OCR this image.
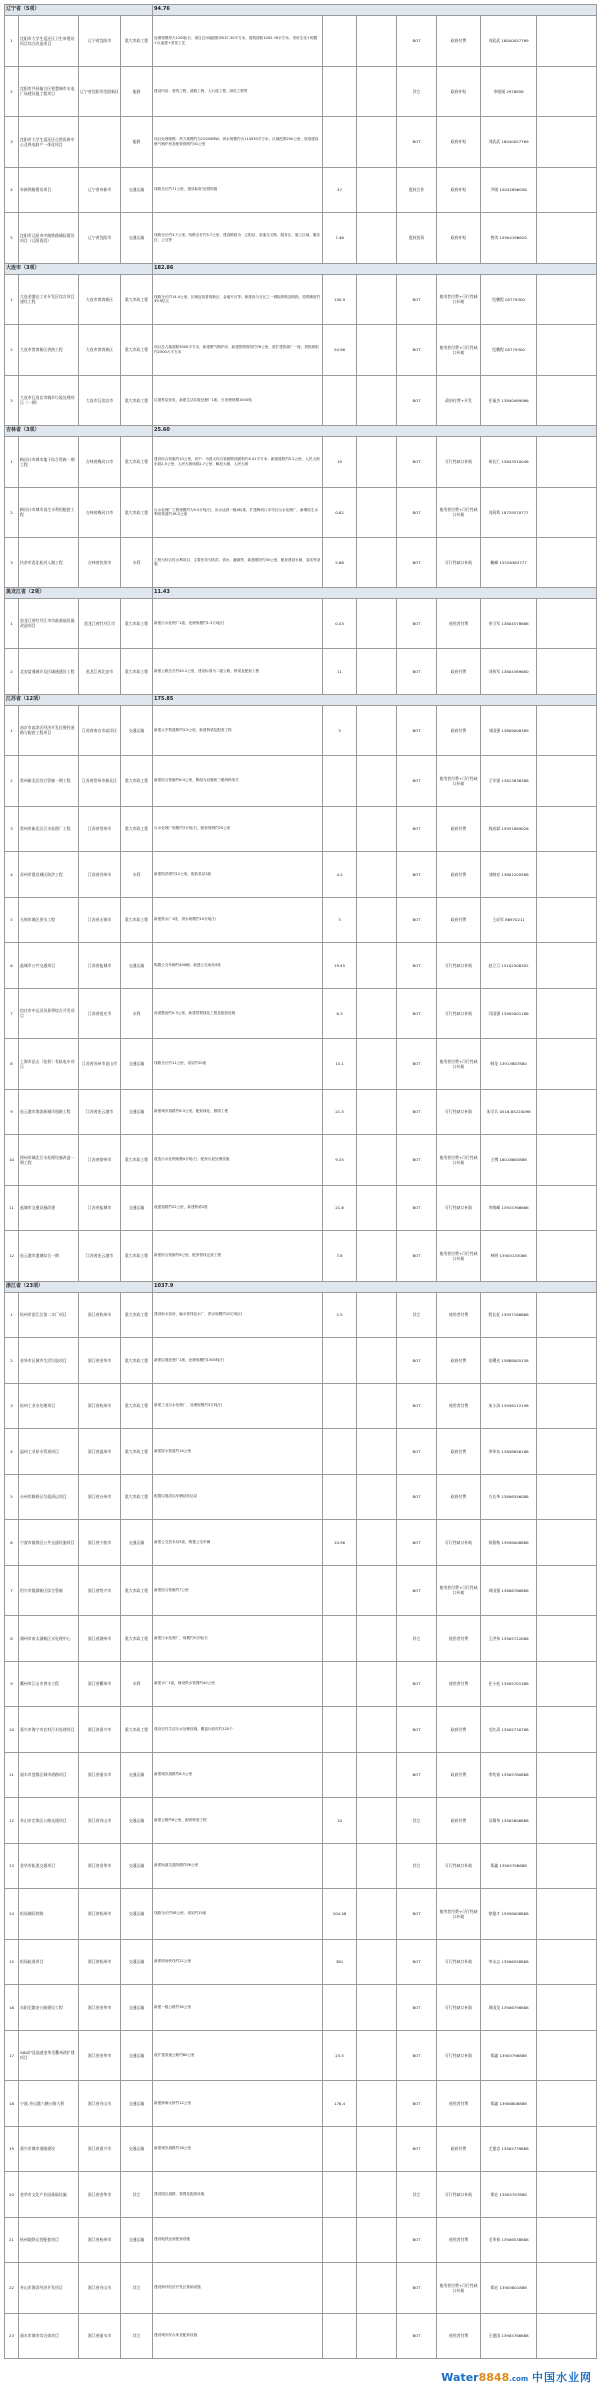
辽宁省（5项）				94.76						
1	沈阳市大学生返还区卫生审建设项目综合改造项目	辽宁省沈阳市	重大市政工程	处理规模每天120吨/日；项目总用地面积5037.30平方米，建筑面积1092.76平方米；采用生化+的膜+反渗透+蒸发工艺			BOT	政府付费	刘武武 18040057769	
2	沈阳市共同输合区智慧城市水电广场建设施工程项目	辽宁省沈阳市沈阳新区	能源	建设内容：管线工程、道路工程、人行道工程、绿化工程等			其它	政府补贴	李媛媛 2978858	
3	沈阳市大学生返还区自然资源中心及热电联产一体化项目		能源	项目处理规模：热力规模约为12000MW；供水规模约为114530平方米；区域范围200公里；规划建设燃气锅炉房及配套管网约41公里			BOT	政府补贴	刘武武 18040057769	
4	阜新铁路建设项目	辽宁省阜新市	交通运输	线路全长约71公里，建设标准为国铁Ⅰ级	47		股权合作	政府补贴	尹刚 15042896056	
5	沈阳市辽阳市中路铁路城际建设项目（辽阳西段）	辽宁省沈阳市	交通运输	线路全长约3.7公里，线路全长约5.7公里；建设路段为：辽阳站、高速交叉路、服务区、施工区域、服务区、公交等	7.46		股权投资	政府补贴	曾涛 15904196820	
大连市（3项）				182.86						
1	大连金港仓工业开发区综合项目建设工程	大连市普湾新区	重大市政工程	线路全长约14.4公里，区域包括普湾新区、金港片区等。新建设与分区之一城际铁路及路段；投资额度约39.9亿元	150.9		BOT	使用者付费+可行性缺口补助	纪鹏程 05779300	
2	大连市普湾新区供热工程	大连市普湾新区	重大市政工程	项目总占地面积5000平方米，新建燃气锅炉房，新建热网管线约76公里，改扩建热源厂一座，供热面积约2500万平方米	20.96		BOT	使用者付费+可行性缺口补助	纪鹏程 05779300	
3	大连市瓦房店市城乡垃圾处理项目（一期）	大连市瓦房店市	重大市政工程	垃圾焚烧发电，新建生活垃圾处理厂1座，日处理规模1500吨			BOT	政府付费+开发	任福杰 13840469066	
吉林省（3项）				25.60						
1	梅河口市城市地下综合管廊一期工程	吉林省梅河口市	重大市政工程	建设综合管廊约10公里，其中：为建大综合管廊断面面积约4.41平方米；新建道路约5.2公里；人民大街东段2.5公里；人民大街西段2.7公里；解放大街，人民大街	19		BOT	可行性缺口补助	胡长仁 15843510046	
2	梅河口市城市再生水利用配套工程	吉林省梅河口市	重大市政工程	污水处理厂工程规模约为5.5万吨/日，出水达到一级A标准，扩建梅河口市市区污水处理厂，新增再生水利用管道约16.2公里	0.82		BOT	使用者付费+可行性缺口补助	刘禹利 18729570777	
3	扶余市西北松河入湖工程	吉林省扶余市	水利	工程为综合性水利项目，主要任务为防洪、供水、灌溉等，新建堤防约30公里，配套建设水闸、泵站等设施	5.86		BOT	可行性缺口补助	鞠峰 15526363777	
黑龙江省（2项）				11.43						
1	黑龙江省牡丹江市市政基础设施改造项目	黑龙江省牡丹江市	重大市政工程	新建污水处理厂1座，处理规模约1.5万吨/日	0.43		BOT	使用者付费	李卫军 13804578686	
2	北安富通城乡及区域通建设工程	黑龙江省北安市	重大市政工程	新建公路总长约40.1公里，建设标准为二级公路，桥梁及配套工程	11		BOT	政府付费	刘伟军 13804389680	
江苏省（12项）				175.85						
1	南京市高淳区经济开发区慢性道路与配套工程项目	江苏省南京市高淳区	交通运输	新建大中型道路约3.5公里，新建桥梁及配套工程	3		BOT	政府付费	刘国强 13809008389	
2	常州新北区综合管廊一期工程	江苏省常州市新北区	重大市政工程	新建综合管廊约6.4公里，断面为双舱和三舱两种形式			BOT	使用者付费+可行性缺口补助	王军强 13813836388	
3	常州市新北区污水处理厂工程	江苏省常州市	重大市政工程	污水处理厂规模约3万吨/日，配套管网约25公里			BOT	政府付费	钱成斌 15951889026	
4	苏州市建设城区防洪工程	江苏省苏州市	水利	新建防洪堤约12公里，配套泵站3座	4.2		BOT	政府付费	刘晓亮 13801205588	
5	无锡市城区供水工程	江苏省无锡市	重大市政工程	新建供水厂1座，供水规模约10万吨/日	3		BOT	政府付费	王成军 86970211	
6	盐城市公共交通项目	江苏省盐城市	交通运输	购置公交车辆约400辆，新建公交场站4座	19.45		BOT	可行性缺口补助	赵立卫 15102508302	
7	宿迁市中运河风景带综合开发项目	江苏省宿迁市	水利	河道整治约5.3公里，新建景观绿化工程及配套设施	6.3		BOT	可行性缺口补助	闫国强 13905001186	
8	上海市昆山（花桥）有轨电车项目	江苏省苏州市昆山市	交通运输	线路全长约11公里，设站约20座	15.1		BOT	使用者付费+可行性缺口补助	韩龙 13913887880	
9	连云港市海滨新城市道路工程	江苏省连云港市	交通运输	新建城市道路约6.3公里，配套绿化、照明工程	21.5		BOT	可行性缺口补助	朱学兵 0518-85220098	
10	徐州市城北污水处理设施改造一期工程	江苏省徐州市	重大市政工程	改造污水处理规模4万吨/日，配套污泥处理设施	9.25		BOT	使用者付费+可行性缺口补助	王博 18018663888	
11	盐城市交通设施改建	江苏省盐城市	交通运输	改建道路约22公里，新建桥梁2座	21.6		BOT	可行性缺口补助	李海峰 13915766666	
12	连云港市港城综合一期	江苏省连云港市	重大市政工程	新建综合管廊约8公里，配套管线迁改工程	7.8		BOT	使用者付费+可行性缺口补助	林明 13905133066	
浙江省（23项）				1037.9						
1	杭州市滨江区第二水厂项目	浙江省杭州市	重大市政工程	建设取水泵房、输水管线及水厂，供水规模约10万吨/日	2.5		其它	使用者付费	程长征 13957166668	
2	金华市区城市生活垃圾项目	浙江省金华市	重大市政工程	新建垃圾处理厂1座，处理规模约1500吨/日			BOT	政府付费	张曙光 15888005138	
3	杭州工业水处理项目	浙江省杭州市	重大市政工程	新建工业污水处理厂，处理规模约3万吨/日			BOT	使用者付费	朱小涛 13958112198	
4	温州工业原水管道项目	浙江省温州市	重大市政工程	新建原水管道约14公里			BOT	政府付费	李华东 13858856188	
5	台州市路桥区垃圾清运项目	浙江省台州市	重大市政工程	配置垃圾清运车辆及转运站			BOT	政府付费	方长华 13806556088	
6	宁波市镇海区公共交通设施项目	浙江省宁波市	交通运输	新建公交首末站5座，购置公交车辆	10.96		BOT	可行性缺口补助	徐燕秋 13958008888	
7	绍兴市镜湖新区综合管廊	浙江省绍兴市	重大市政工程	新建综合管廊约7公里			BOT	使用者付费+可行性缺口补助	周国强 13806766888	
8	湖州市南太湖新区水处理中心	浙江省湖州市	重大市政工程	新建污水处理厂，规模约5万吨/日			其它	使用者付费	王洪伟 13905722088	
9	衢州市江山市供水工程	浙江省衢州市	水利	新建水厂1座，铺设供水管网约40公里			BOT	使用者付费	任小松 13905701388	
10	嘉兴市海宁市农村污水处理项目	浙江省嘉兴市	重大市政工程	建设农村生活污水处理设施，覆盖行政村约120个			BOT	政府付费	毛红清 13905730788	
11	丽水市莲都区城市道路项目	浙江省丽水市	交通运输	新建城市道路约8.5公里			BOT	政府付费	李兆春 13905780888	
12	舟山市定海区公路交通项目	浙江省舟山市	交通运输	新建公路约6公里，配套桥梁工程	10		其它	政府付费	吴耀华 13905806688	
13	金华市轨道交通项目	浙江省金华市	交通运输	新建轨道交通线路约58公里			其它	可行性缺口补助	郑鑫 13905798888	
14	机场城际铁路	浙江省杭州市	交通运输	线路全长约58公里，设站约15座	204.48		BOT	使用者付费+可行性缺口补助	徐建才 15958008888	
15	机场轨道项目	浙江省杭州市	交通运输	新建机场快线约21公里	381		BOT	可行性缺口补助	李永志 13906558888	
16	东阳至磐安公路建设工程	浙江省金华市	交通运输	新建一级公路约30公里			BOT	可行性缺口补助	周国龙 13906798888	
17	G60沪昆高速金华至衢州改扩建项目	浙江省金华市	交通运输	改扩建高速公路约60公里	23.5		BOT	可行性缺口补助	郑鑫 13905798888	
18	宁波-舟山港六横公路大桥	浙江省舟山市	交通运输	新建跨海大桥约12公里	178.4		BOT	使用者付费	郑鑫 13906808888	
19	嘉兴市城市道路建设	浙江省嘉兴市	交通运输	新建城市道路约16公里			BOT	政府付费	尤建忠 13905739688	
20	金华市文化产业园基础设施	浙江省金华市	其它	建设园区道路、管网及配套设施			其它	可行性缺口补助	郑宏 13905797888	
21	杭州地铁运营配套项目	浙江省杭州市	交通运输	建设地铁运营配套设施			BOT	使用者付费	毛华春 13906538888	
22	舟山市海洋经济开发项目	浙江省舟山市	其它	建设海洋经济开发区基础设施			BOT	使用者付费+可行性缺口补助	郑宏 13905801888	
23	丽水市城市综合体项目	浙江省丽水市	其它	建设城市综合体及配套设施			BOT	使用者付费	王建国 13905786688	
Water8848.com 中国水业网
